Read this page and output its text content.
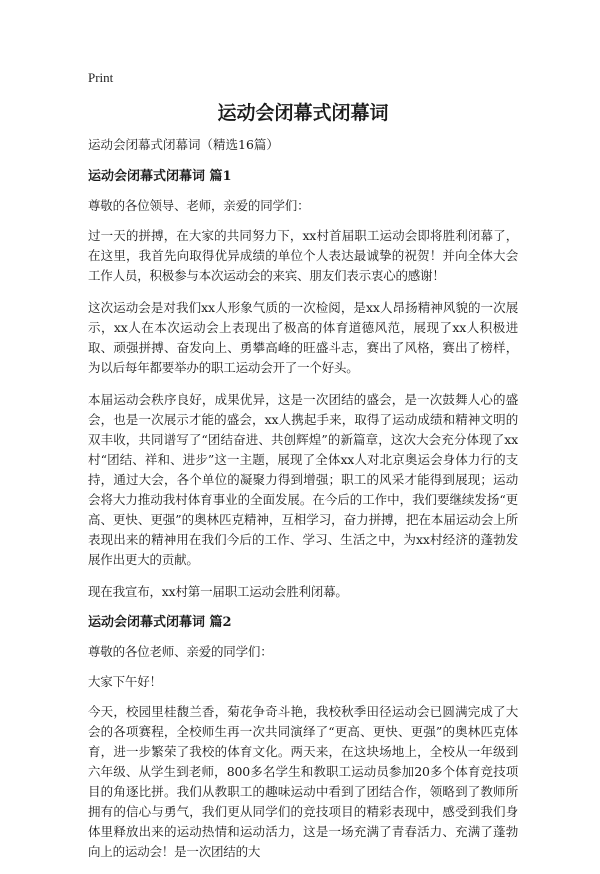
Print
运动会闭幕式闭幕词
运动会闭幕式闭幕词（精选16篇）
运动会闭幕式闭幕词 篇1

尊敬的各位领导、老师，亲爱的同学们：

过一天的拼搏，在大家的共同努力下，xx村首届职工运动会即将胜利闭幕了，在这里，我首先向取得优异成绩的单位个人表达最诚挚的祝贺！并向全体大会工作人员，积极参与本次运动会的来宾、朋友们表示衷心的感谢！

这次运动会是对我们xx人形象气质的一次检阅，是xx人昂扬精神风貌的一次展示，xx人在本次运动会上表现出了极高的体育道德风范，展现了xx人积极进取、顽强拼搏、奋发向上、勇攀高峰的旺盛斗志，赛出了风格，赛出了榜样，为以后每年都要举办的职工运动会开了一个好头。

本届运动会秩序良好，成果优异，这是一次团结的盛会，是一次鼓舞人心的盛会，也是一次展示才能的盛会，xx人携起手来，取得了运动成绩和精神文明的双丰收，共同谱写了“团结奋进、共创辉煌”的新篇章，这次大会充分体现了xx村“团结、祥和、进步”这一主题，展现了全体xx人对北京奥运会身体力行的支持，通过大会，各个单位的凝聚力得到增强；职工的风采才能得到展现；运动会将大力推动我村体育事业的全面发展。在今后的工作中，我们要继续发扬“更高、更快、更强”的奥林匹克精神，互相学习，奋力拼搏，把在本届运动会上所表现出来的精神用在我们今后的工作、学习、生活之中，为xx村经济的蓬勃发展作出更大的贡献。

现在我宣布，xx村第一届职工运动会胜利闭幕。

运动会闭幕式闭幕词 篇2

尊敬的各位老师、亲爱的同学们：

大家下午好！

今天，校园里桂馥兰香，菊花争奇斗艳，我校秋季田径运动会已圆满完成了大会的各项赛程，全校师生再一次共同演绎了“更高、更快、更强”的奥林匹克体育，进一步繁荣了我校的体育文化。两天来，在这块场地上，全校从一年级到六年级、从学生到老师，800多名学生和教职工运动员参加20多个体育竞技项目的角逐比拼。我们从教职工的趣味运动中看到了团结合作，领略到了教师所拥有的信心与勇气，我们更从同学们的竞技项目的精彩表现中，感受到我们身体里释放出来的运动热情和运动活力，这是一场充满了青春活力、充满了蓬勃向上的运动会！是一次团结的大
